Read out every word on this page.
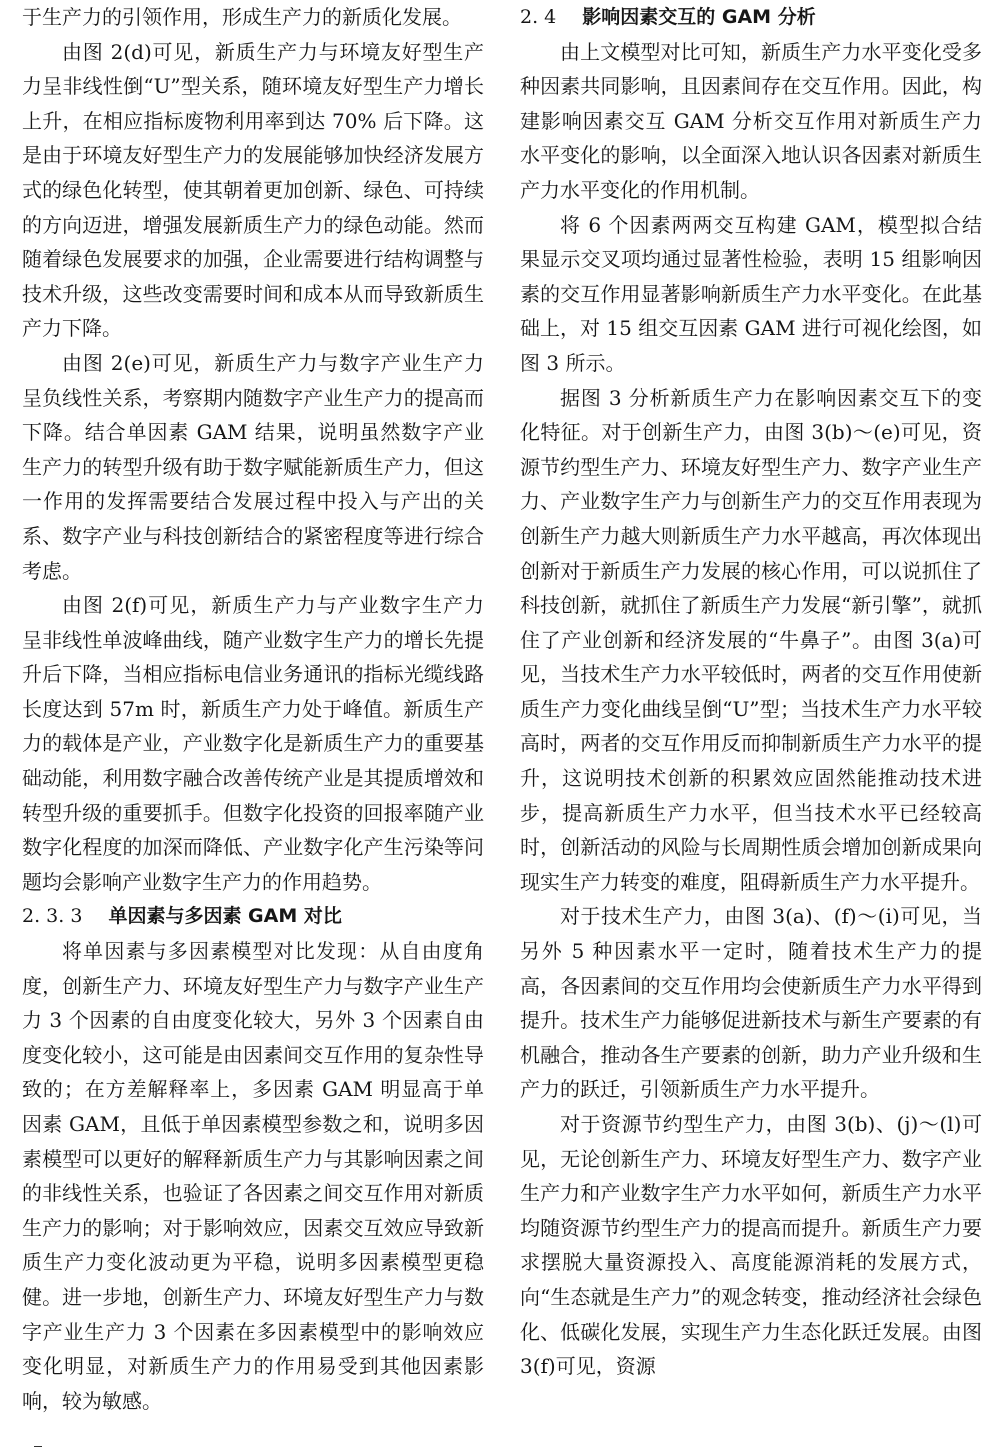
于生产力的引领作用，形成生产力的新质化发展。

由图 2(d)可见，新质生产力与环境友好型生产力呈非线性倒“U”型关系，随环境友好型生产力增长上升，在相应指标废物利用率到达 70% 后下降。这是由于环境友好型生产力的发展能够加快经济发展方式的绿色化转型，使其朝着更加创新、绿色、可持续的方向迈进，增强发展新质生产力的绿色动能。然而随着绿色发展要求的加强，企业需要进行结构调整与技术升级，这些改变需要时间和成本从而导致新质生产力下降。

由图 2(e)可见，新质生产力与数字产业生产力呈负线性关系，考察期内随数字产业生产力的提高而下降。结合单因素 GAM 结果，说明虽然数字产业生产力的转型升级有助于数字赋能新质生产力，但这一作用的发挥需要结合发展过程中投入与产出的关系、数字产业与科技创新结合的紧密程度等进行综合考虑。

由图 2(f)可见，新质生产力与产业数字生产力呈非线性单波峰曲线，随产业数字生产力的增长先提升后下降，当相应指标电信业务通讯的指标光缆线路长度达到 57m 时，新质生产力处于峰值。新质生产力的载体是产业，产业数字化是新质生产力的重要基础动能，利用数字融合改善传统产业是其提质增效和转型升级的重要抓手。但数字化投资的回报率随产业数字化程度的加深而降低、产业数字化产生污染等问题均会影响产业数字生产力的作用趋势。

2. 3. 3 单因素与多因素 GAM 对比

将单因素与多因素模型对比发现：从自由度角度，创新生产力、环境友好型生产力与数字产业生产力 3 个因素的自由度变化较大，另外 3 个因素自由度变化较小，这可能是由因素间交互作用的复杂性导致的；在方差解释率上，多因素 GAM 明显高于单因素 GAM，且低于单因素模型参数之和，说明多因素模型可以更好的解释新质生产力与其影响因素之间的非线性关系，也验证了各因素之间交互作用对新质生产力的影响；对于影响效应，因素交互效应导致新质生产力变化波动更为平稳，说明多因素模型更稳健。进一步地，创新生产力、环境友好型生产力与数字产业生产力 3 个因素在多因素模型中的影响效应变化明显，对新质生产力的作用易受到其他因素影响，较为敏感。

2. 4 影响因素交互的 GAM 分析

由上文模型对比可知，新质生产力水平变化受多种因素共同影响，且因素间存在交互作用。因此，构建影响因素交互 GAM 分析交互作用对新质生产力水平变化的影响，以全面深入地认识各因素对新质生产力水平变化的作用机制。

将 6 个因素两两交互构建 GAM，模型拟合结果显示交叉项均通过显著性检验，表明 15 组影响因素的交互作用显著影响新质生产力水平变化。在此基础上，对 15 组交互因素 GAM 进行可视化绘图，如图 3 所示。

据图 3 分析新质生产力在影响因素交互下的变化特征。对于创新生产力，由图 3(b)～(e)可见，资源节约型生产力、环境友好型生产力、数字产业生产力、产业数字生产力与创新生产力的交互作用表现为创新生产力越大则新质生产力水平越高，再次体现出创新对于新质生产力发展的核心作用，可以说抓住了科技创新，就抓住了新质生产力发展“新引擎”，就抓住了产业创新和经济发展的“牛鼻子”。由图 3(a)可见，当技术生产力水平较低时，两者的交互作用使新质生产力变化曲线呈倒“U”型；当技术生产力水平较高时，两者的交互作用反而抑制新质生产力水平的提升，这说明技术创新的积累效应固然能推动技术进步，提高新质生产力水平，但当技术水平已经较高时，创新活动的风险与长周期性质会增加创新成果向现实生产力转变的难度，阻碍新质生产力水平提升。

对于技术生产力，由图 3(a)、(f)～(i)可见，当另外 5 种因素水平一定时，随着技术生产力的提高，各因素间的交互作用均会使新质生产力水平得到提升。技术生产力能够促进新技术与新生产要素的有机融合，推动各生产要素的创新，助力产业升级和生产力的跃迁，引领新质生产力水平提升。

对于资源节约型生产力，由图 3(b)、(j)～(l)可见，无论创新生产力、环境友好型生产力、数字产业生产力和产业数字生产力水平如何，新质生产力水平均随资源节约型生产力的提高而提升。新质生产力要求摆脱大量资源投入、高度能源消耗的发展方式，向“生态就是生产力”的观念转变，推动经济社会绿色化、低碳化发展，实现生产力生态化跃迁发展。由图 3(f)可见，资源
